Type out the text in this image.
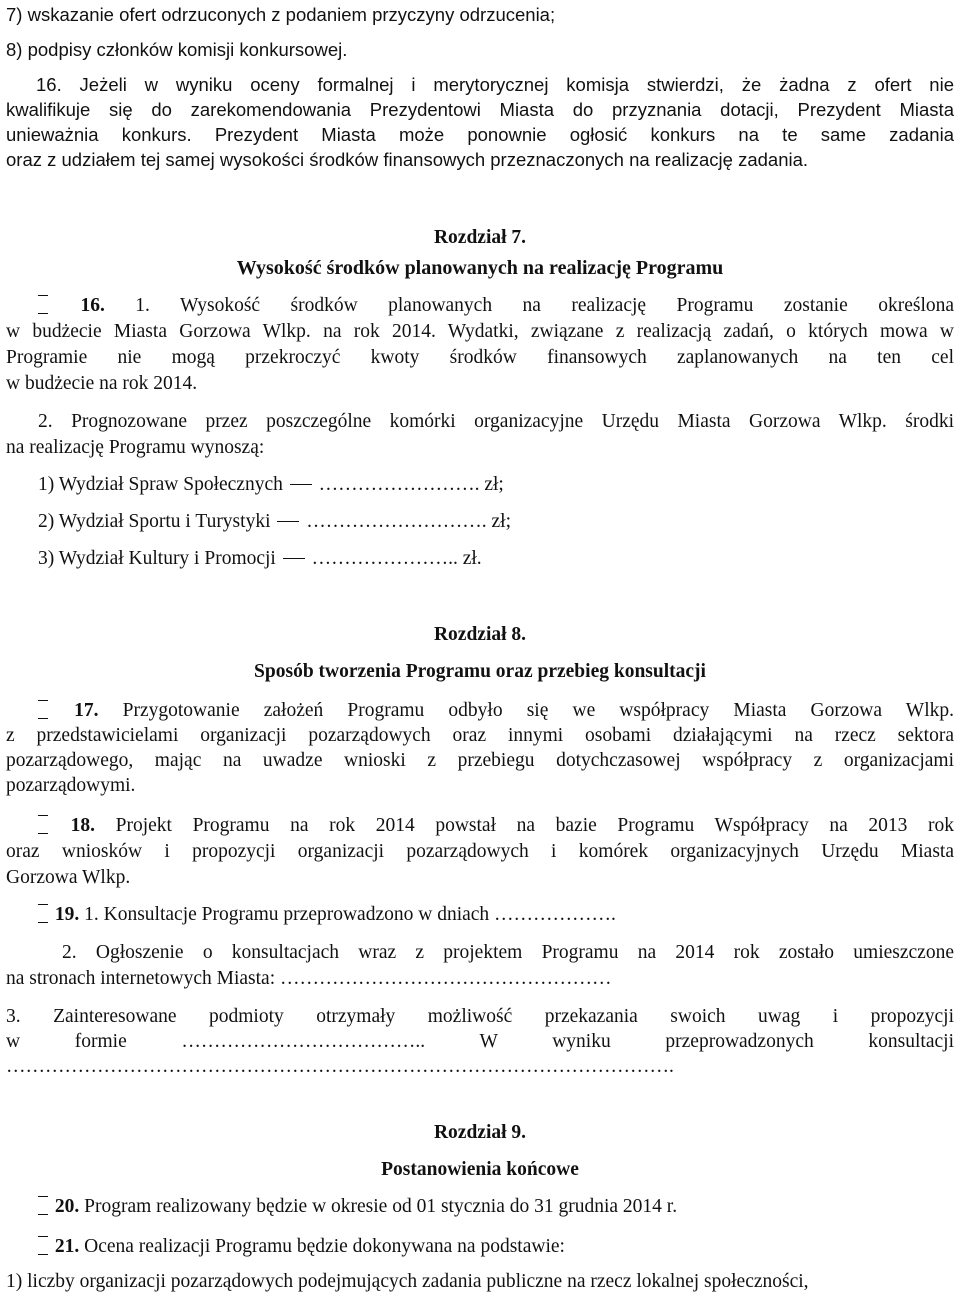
7) wskazanie ofert odrzuconych z podaniem przyczyny odrzucenia;
8) podpisy członków komisji konkursowej.
16. Jeżeli w wyniku oceny formalnej i merytorycznej komisja stwierdzi, że żadna z ofert nie
kwalifikuje się do zarekomendowania Prezydentowi Miasta do przyznania dotacji, Prezydent Miasta
unieważnia konkurs. Prezydent Miasta może ponownie ogłosić konkurs na te same zadania
oraz z udziałem tej samej wysokości środków finansowych przeznaczonych na realizację zadania.
Rozdział 7.
Wysokość środków planowanych na realizację Programu
16. 1. Wysokość środków planowanych na realizację Programu zostanie określona
w budżecie Miasta Gorzowa Wlkp. na rok 2014. Wydatki, związane z realizacją zadań, o których mowa w
Programie nie mogą przekroczyć kwoty środków finansowych zaplanowanych na ten cel
w budżecie na rok 2014.
2. Prognozowane przez poszczególne komórki organizacyjne Urzędu Miasta Gorzowa Wlkp. środki
na realizację Programu wynoszą:
1) Wydział Spraw Społecznych ……………………. zł;
2) Wydział Sportu i Turystyki ………………………. zł;
3) Wydział Kultury i Promocji ………………….. zł.
Rozdział 8.
Sposób tworzenia Programu oraz przebieg konsultacji
17. Przygotowanie założeń Programu odbyło się we współpracy Miasta Gorzowa Wlkp.
z przedstawicielami organizacji pozarządowych oraz innymi osobami działającymi na rzecz sektora
pozarządowego, mając na uwadze wnioski z przebiegu dotychczasowej współpracy z organizacjami
pozarządowymi.
18. Projekt Programu na rok 2014 powstał na bazie Programu Współpracy na 2013 rok
oraz wniosków i propozycji organizacji pozarządowych i komórek organizacyjnych Urzędu Miasta
Gorzowa Wlkp.
19. 1. Konsultacje Programu przeprowadzono w dniach ……………….
2. Ogłoszenie o konsultacjach wraz z projektem Programu na 2014 rok zostało umieszczone
na stronach internetowych Miasta: ……………………………………………
3. Zainteresowane podmioty otrzymały możliwość przekazania swoich uwag i propozycji
w formie ……………………………….. W wyniku przeprowadzonych konsultacji
………………………………………………………………………………………….
Rozdział 9.
Postanowienia końcowe
20. Program realizowany będzie w okresie od 01 stycznia do 31 grudnia 2014 r.
21. Ocena realizacji Programu będzie dokonywana na podstawie:
1) liczby organizacji pozarządowych podejmujących zadania publiczne na rzecz lokalnej społeczności,
